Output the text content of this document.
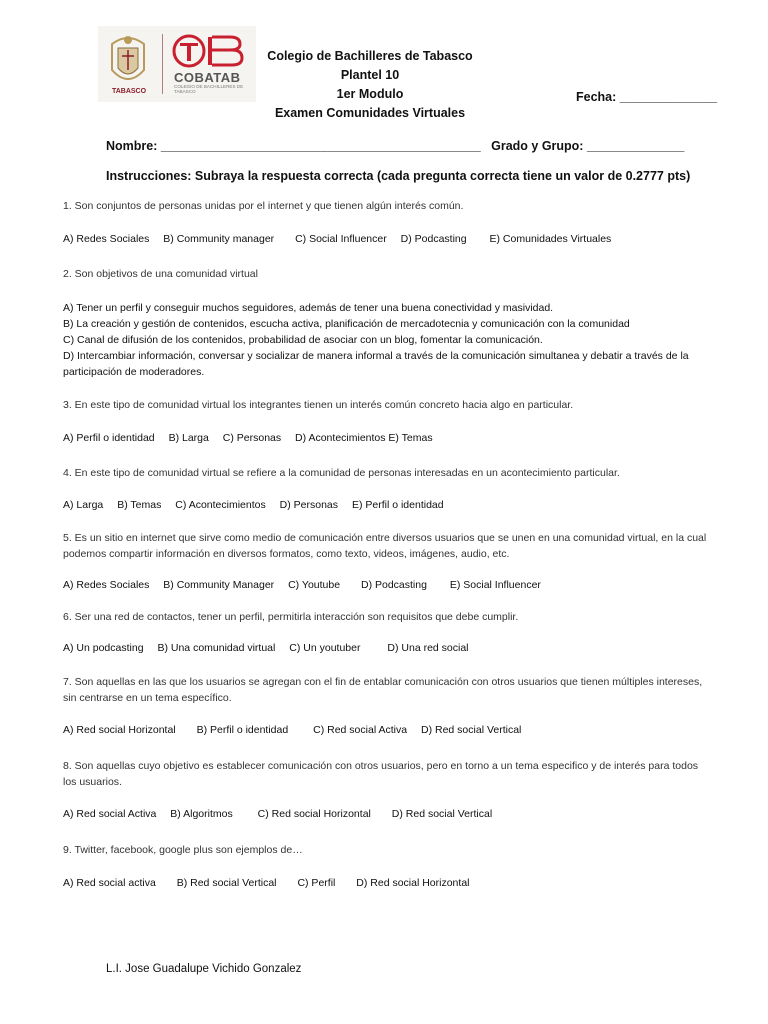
TABASCO
COBATAB
COLEGIO DE BACHILLERES DE TABASCO
Colegio de Bachilleres de Tabasco
Plantel 10
1er Modulo
Examen Comunidades Virtuales
Fecha: ______________
Nombre: ______________________________________________ Grado y Grupo: ______________
Instrucciones: Subraya la respuesta correcta (cada pregunta correcta tiene un valor de 0.2777 pts)
1. Son conjuntos de personas unidas por el internet y que tienen algún interés común.
A) Redes Sociales B) Community manager C) Social Influencer D) Podcasting E) Comunidades Virtuales
2. Son objetivos de una comunidad virtual
A) Tener un perfil y conseguir muchos seguidores, además de tener una buena conectividad y masividad.
B) La creación y gestión de contenidos, escucha activa, planificación de mercadotecnia y comunicación con la comunidad
C) Canal de difusión de los contenidos, probabilidad de asociar con un blog, fomentar la comunicación.
D) Intercambiar información, conversar y socializar de manera informal a través de la comunicación simultanea y debatir a través de la participación de moderadores.
3. En este tipo de comunidad virtual los integrantes tienen un interés común concreto hacia algo en particular.
A) Perfil o identidad B) Larga C) Personas D) Acontecimientos E) Temas
4. En este tipo de comunidad virtual se refiere a la comunidad de personas interesadas en un acontecimiento particular.
A) Larga B) Temas C) Acontecimientos D) Personas E) Perfil o identidad
5. Es un sitio en internet que sirve como medio de comunicación entre diversos usuarios que se unen en una comunidad virtual, en la cual podemos compartir información en diversos formatos, como texto, videos, imágenes, audio, etc.
A) Redes Sociales B) Community Manager C) Youtube D) Podcasting E) Social Influencer
6. Ser una red de contactos, tener un perfil, permitirla interacción son requisitos que debe cumplir.
A) Un podcasting B) Una comunidad virtual C) Un youtuber	D) Una red social
7. Son aquellas en las que los usuarios se agregan con el fin de entablar comunicación con otros usuarios que tienen múltiples intereses, sin centrarse en un tema específico.
A) Red social Horizontal B) Perfil o identidad C) Red social Activa D) Red social Vertical
8. Son aquellas cuyo objetivo es establecer comunicación con otros usuarios, pero en torno a un tema especifico y de interés para todos los usuarios.
A) Red social Activa B) Algoritmos C) Red social Horizontal D) Red social Vertical
9. Twitter, facebook, google plus son ejemplos de…
A) Red social activa B) Red social Vertical C) Perfil D) Red social Horizontal
L.I. Jose Guadalupe Vichido Gonzalez
